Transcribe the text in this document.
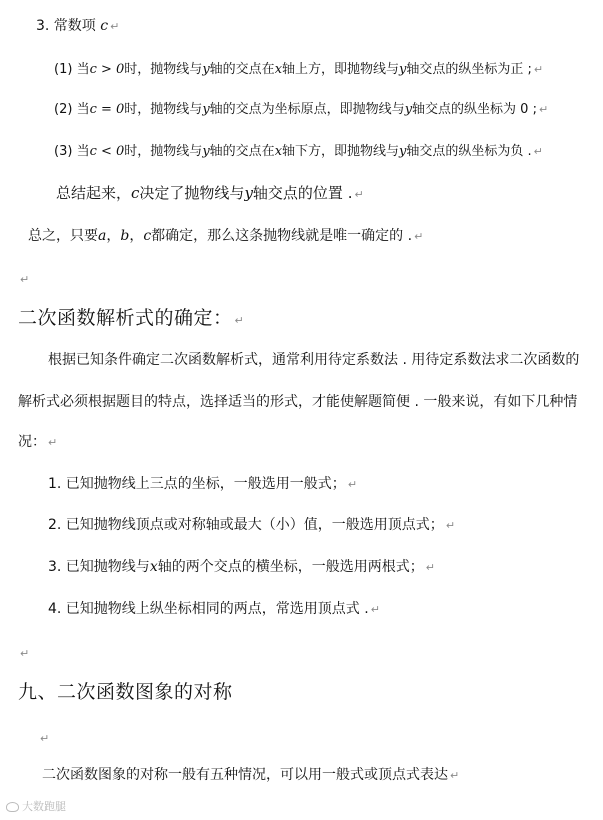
3. 常数项 c ↵
(1) 当c > 0时，抛物线与y轴的交点在x轴上方，即抛物线与y轴交点的纵坐标为正 ; ↵
(2) 当c = 0时，抛物线与y轴的交点为坐标原点，即抛物线与y轴交点的纵坐标为 0 ; ↵
(3) 当c < 0时，抛物线与y轴的交点在x轴下方，即抛物线与y轴交点的纵坐标为负 . ↵
总结起来，c决定了抛物线与y轴交点的位置 . ↵
总之，只要a，b，c都确定，那么这条抛物线就是唯一确定的 . ↵
↵
二次函数解析式的确定： ↵
根据已知条件确定二次函数解析式，通常利用待定系数法 . 用待定系数法求二次函数的
解析式必须根据题目的特点，选择适当的形式，才能使解题简便 . 一般来说，有如下几种情
况： ↵
1. 已知抛物线上三点的坐标，一般选用一般式； ↵
2. 已知抛物线顶点或对称轴或最大（小）值，一般选用顶点式； ↵
3. 已知抛物线与x轴的两个交点的横坐标，一般选用两根式； ↵
4. 已知抛物线上纵坐标相同的两点，常选用顶点式 . ↵
↵
九、二次函数图象的对称
↵
二次函数图象的对称一般有五种情况，可以用一般式或顶点式表达 ↵
大数跑腿
